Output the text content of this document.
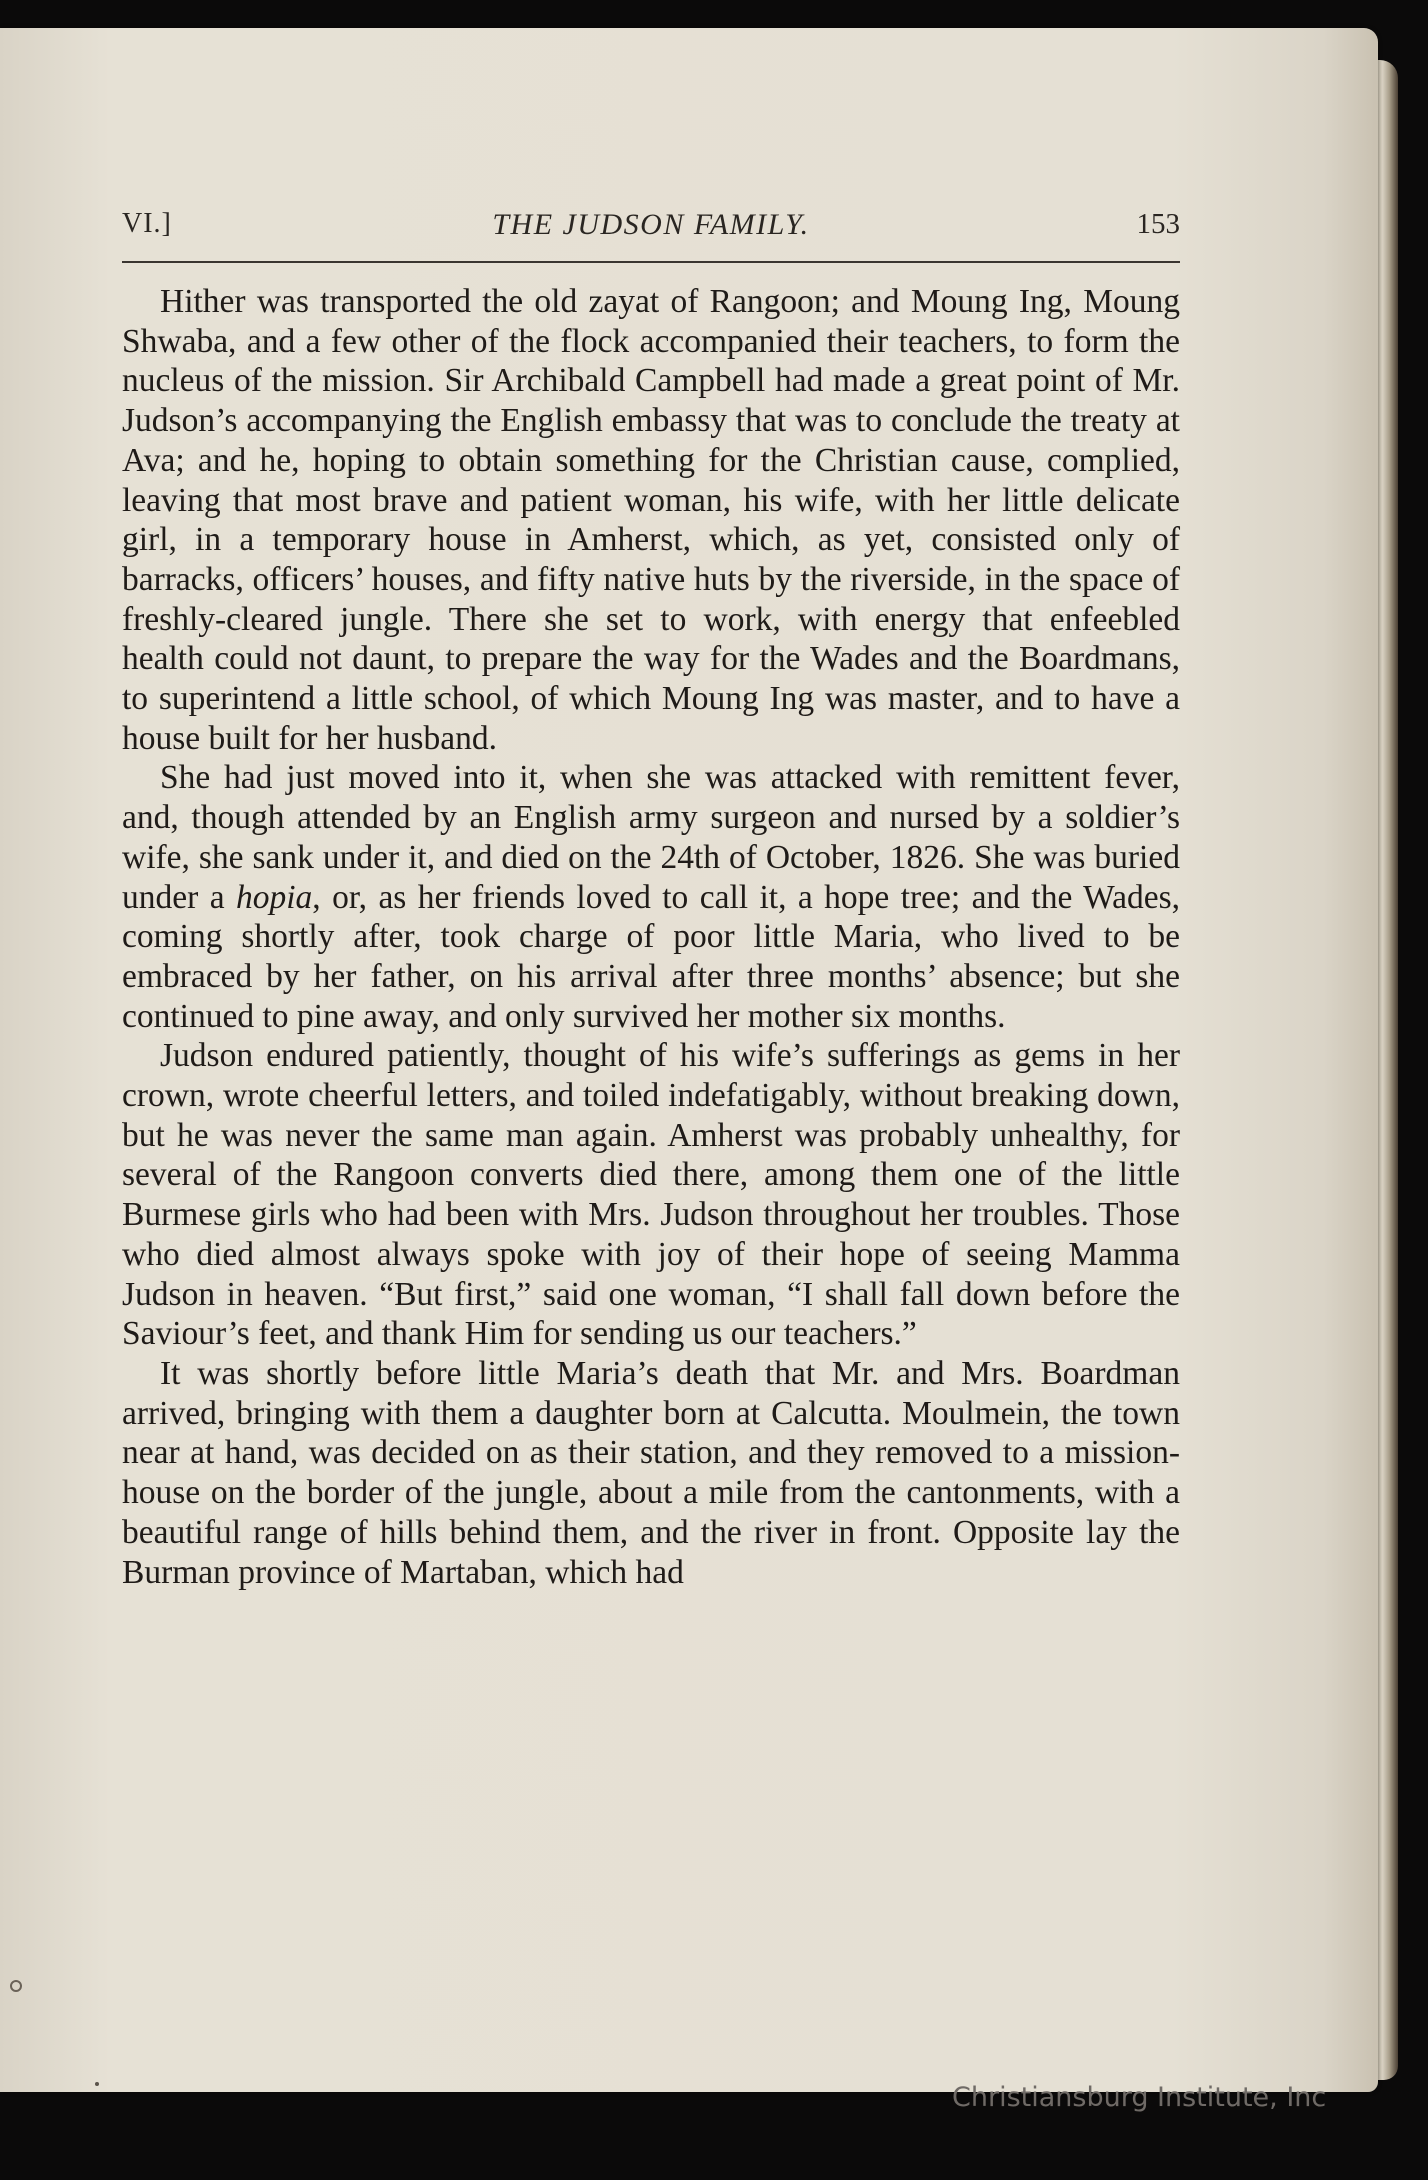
VI.]	THE JUDSON FAMILY.	153

Hither was transported the old zayat of Rangoon; and Moung Ing, Moung Shwaba, and a few other of the flock accompanied their teachers, to form the nucleus of the mission. Sir Archibald Campbell had made a great point of Mr. Judson’s accompanying the English embassy that was to conclude the treaty at Ava; and he, hoping to obtain something for the Christian cause, complied, leaving that most brave and patient woman, his wife, with her little delicate girl, in a temporary house in Amherst, which, as yet, consisted only of barracks, officers’ houses, and fifty native huts by the riverside, in the space of freshly-cleared jungle. There she set to work, with energy that enfeebled health could not daunt, to prepare the way for the Wades and the Boardmans, to superintend a little school, of which Moung Ing was master, and to have a house built for her husband.

She had just moved into it, when she was attacked with remittent fever, and, though attended by an English army surgeon and nursed by a soldier’s wife, she sank under it, and died on the 24th of October, 1826. She was buried under a hopia, or, as her friends loved to call it, a hope tree; and the Wades, coming shortly after, took charge of poor little Maria, who lived to be embraced by her father, on his arrival after three months’ absence; but she continued to pine away, and only survived her mother six months.

Judson endured patiently, thought of his wife’s sufferings as gems in her crown, wrote cheerful letters, and toiled indefatigably, without breaking down, but he was never the same man again. Amherst was probably unhealthy, for several of the Rangoon converts died there, among them one of the little Burmese girls who had been with Mrs. Judson throughout her troubles. Those who died almost always spoke with joy of their hope of seeing Mamma Judson in heaven. “But first,” said one woman, “I shall fall down before the Saviour’s feet, and thank Him for sending us our teachers.”

It was shortly before little Maria’s death that Mr. and Mrs. Boardman arrived, bringing with them a daughter born at Calcutta. Moulmein, the town near at hand, was decided on as their station, and they removed to a mission-house on the border of the jungle, about a mile from the cantonments, with a beautiful range of hills behind them, and the river in front. Opposite lay the Burman province of Martaban, which had

Christiansburg Institute, Inc
